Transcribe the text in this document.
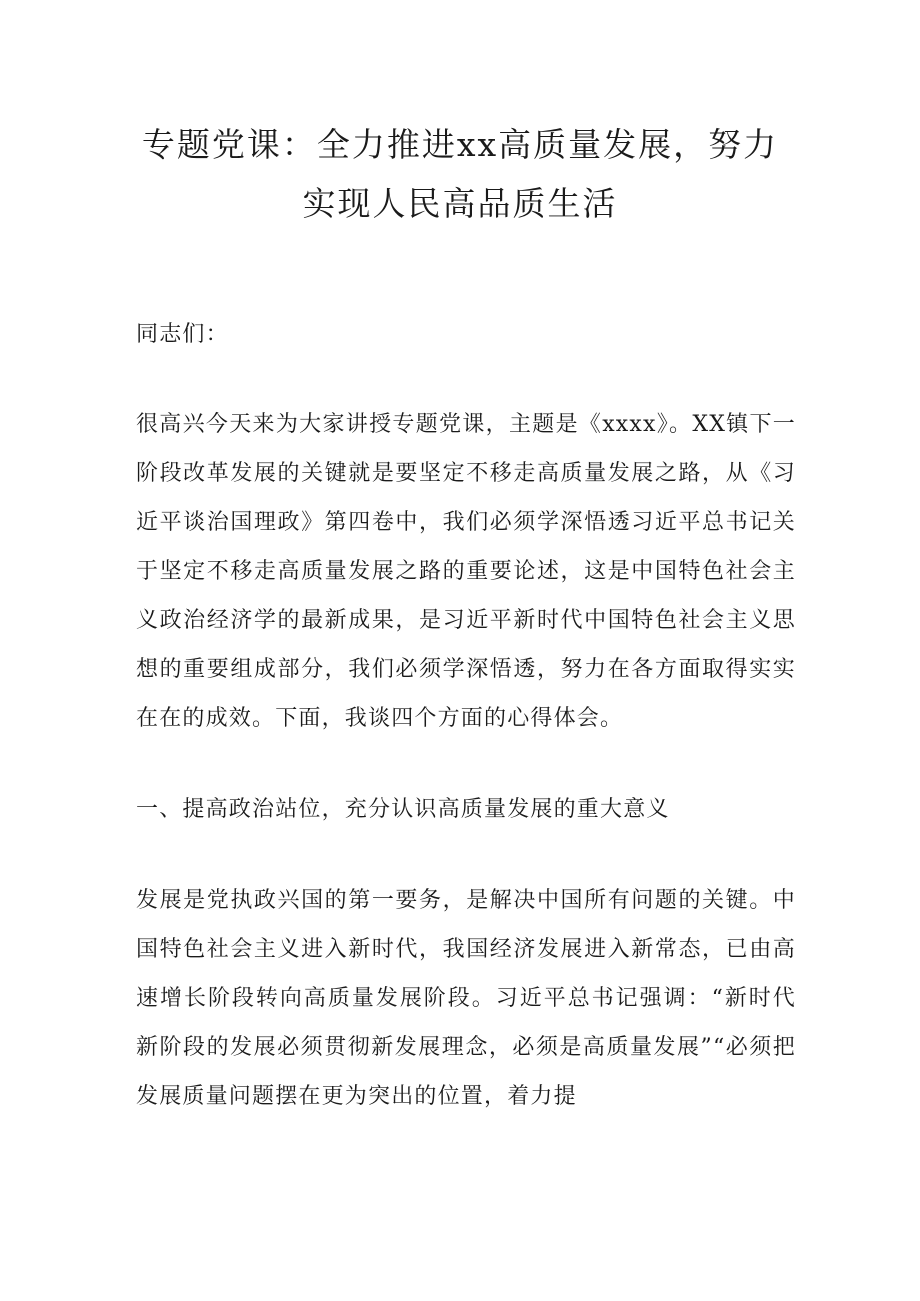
专题党课：全力推进xx高质量发展，努力
实现人民高品质生活

同志们：

很高兴今天来为大家讲授专题党课，主题是《xxxx》。XX镇下一阶段改革发展的关键就是要坚定不移走高质量发展之路，从《习近平谈治国理政》第四卷中，我们必须学深悟透习近平总书记关于坚定不移走高质量发展之路的重要论述，这是中国特色社会主义政治经济学的最新成果，是习近平新时代中国特色社会主义思想的重要组成部分，我们必须学深悟透，努力在各方面取得实实在在的成效。下面，我谈四个方面的心得体会。

一、提高政治站位，充分认识高质量发展的重大意义

发展是党执政兴国的第一要务，是解决中国所有问题的关键。中国特色社会主义进入新时代，我国经济发展进入新常态，已由高速增长阶段转向高质量发展阶段。习近平总书记强调：“新时代新阶段的发展必须贯彻新发展理念，必须是高质量发展”“必须把发展质量问题摆在更为突出的位置，着力提
